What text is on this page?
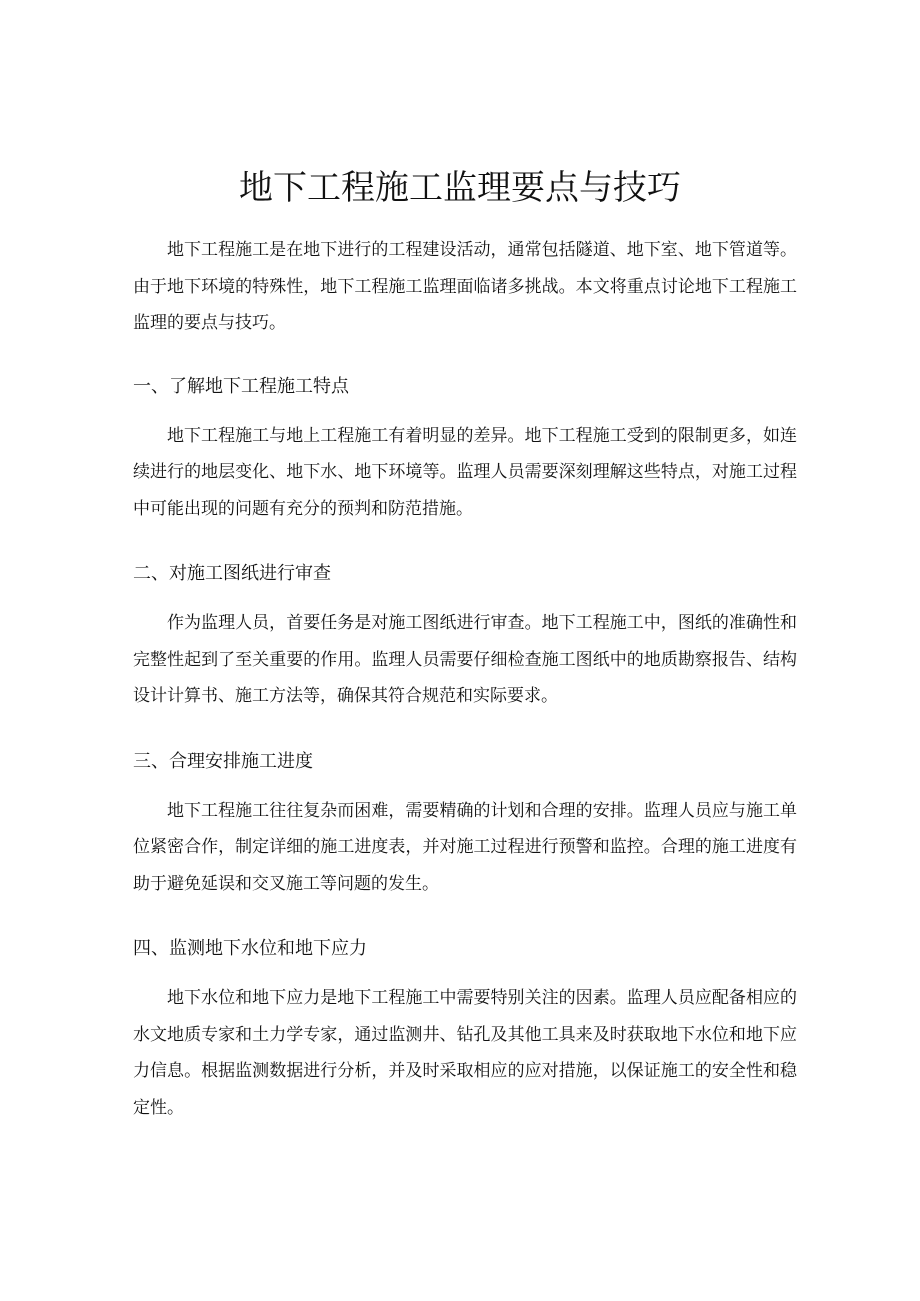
地下工程施工监理要点与技巧

地下工程施工是在地下进行的工程建设活动，通常包括隧道、地下室、地下管道等。由于地下环境的特殊性，地下工程施工监理面临诸多挑战。本文将重点讨论地下工程施工监理的要点与技巧。

一、了解地下工程施工特点

地下工程施工与地上工程施工有着明显的差异。地下工程施工受到的限制更多，如连续进行的地层变化、地下水、地下环境等。监理人员需要深刻理解这些特点，对施工过程中可能出现的问题有充分的预判和防范措施。

二、对施工图纸进行审查

作为监理人员，首要任务是对施工图纸进行审查。地下工程施工中，图纸的准确性和完整性起到了至关重要的作用。监理人员需要仔细检查施工图纸中的地质勘察报告、结构设计计算书、施工方法等，确保其符合规范和实际要求。

三、合理安排施工进度

地下工程施工往往复杂而困难，需要精确的计划和合理的安排。监理人员应与施工单位紧密合作，制定详细的施工进度表，并对施工过程进行预警和监控。合理的施工进度有助于避免延误和交叉施工等问题的发生。

四、监测地下水位和地下应力

地下水位和地下应力是地下工程施工中需要特别关注的因素。监理人员应配备相应的水文地质专家和土力学专家，通过监测井、钻孔及其他工具来及时获取地下水位和地下应力信息。根据监测数据进行分析，并及时采取相应的应对措施，以保证施工的安全性和稳定性。
